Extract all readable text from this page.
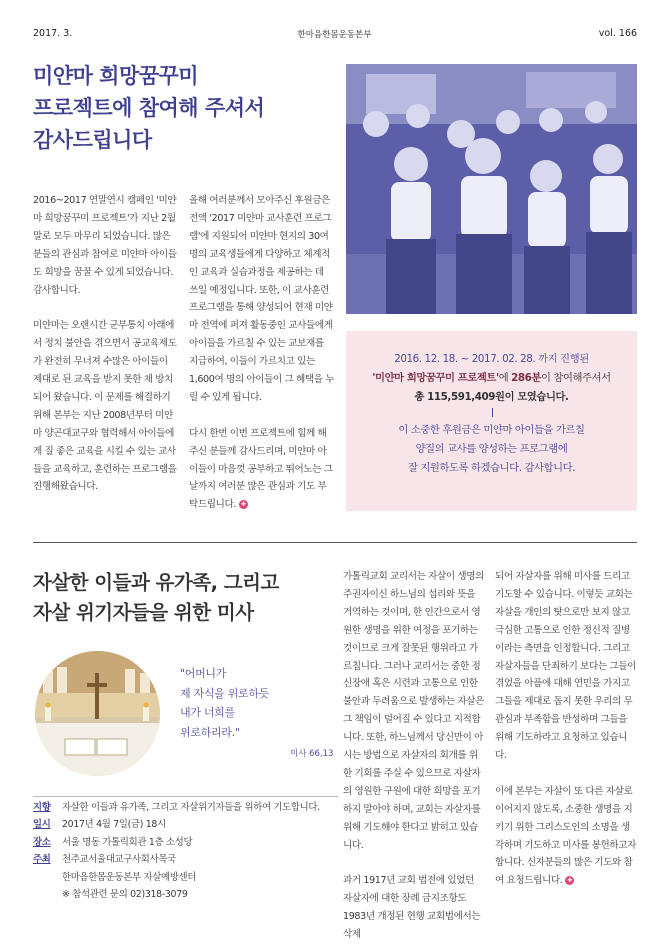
2017. 3.	한마음한몸운동본부	vol. 166
미얀마 희망꿈꾸미
프로젝트에 참여해 주셔서
감사드립니다

2016~2017 연말연시 캠페인 '미얀마 희망꿈꾸미 프로젝트'가 지난 2월 말로 모두 마무리 되었습니다. 많은 분들의 관심과 참여로 미얀마 아이들도 희망을 꿈꿀 수 있게 되었습니다. 감사합니다.

미얀마는 오랜시간 군부통치 아래에서 정치 불안을 겪으면서 공교육제도가 완전히 무너져 수많은 아이들이 제대로 된 교육을 받지 못한 채 방치되어 왔습니다. 이 문제를 해결하기 위해 본부는 지난 2008년부터 미얀마 양곤대교구와 협력해서 아이들에게 질 좋은 교육을 시킬 수 있는 교사들을 교육하고, 훈련하는 프로그램을 진행해왔습니다.

올해 여러분께서 모아주신 후원금은 전액 '2017 미얀마 교사훈련 프로그램'에 지원되어 미얀마 현지의 30여 명의 교육생들에게 다양하고 체계적인 교육과 실습과정을 제공하는 데 쓰일 예정입니다. 또한, 이 교사훈련 프로그램을 통해 양성되어 현재 미얀마 전역에 퍼져 활동중인 교사들에게 아이들을 가르칠 수 있는 교보재를 지급하여, 이들이 가르치고 있는 1,600여 명의 아이들이 그 혜택을 누릴 수 있게 됩니다.

다시 한번 이번 프로젝트에 힘께 해 주신 분들께 감사드리며, 미얀마 아이들이 마음껏 공부하고 뛰어노는 그 날까지 여러분 많은 관심과 기도 부탁드립니다. ✚

2016. 12. 18. ~ 2017. 02. 28. 까지 진행된
'미얀마 희망꿈꾸미 프로젝트'에 286분이 참여해주셔서
총 115,591,409원이 모였습니다.
이 소중한 후원금은 미얀마 아이들을 가르칠
양질의 교사를 양성하는 프로그램에
잘 지원하도록 하겠습니다. 감사합니다.
자살한 이들과 유가족, 그리고
자살 위기자들을 위한 미사
"어머니가
제 자식을 위로하듯
내가 너희를
위로하리라."
이사 66,13
지향	자살한 이들과 유가족, 그리고 자살위기자들을 위하여 기도합니다.
일시	2017년 4월 7일(금) 18시
장소	서울 명동 가톨릭회관 1층 소성당
주최	천주교서울대교구사회사목국
한마음한몸운동본부 자살예방센터
※ 참석관련 문의 02)318-3079

가톨릭교회 교리서는 자살이 생명의 주권자이신 하느님의 섭리와 뜻을 거역하는 것이며, 한 인간으로서 영원한 생명을 위한 여정을 포기하는 것이므로 크게 잘못된 행위라고 가르칩니다. 그러나 교리서는 중한 정신장애 혹은 시련과 고통으로 인한 불안과 두려움으로 발생하는 자살은 그 책임이 덜어질 수 있다고 지적합니다. 또한, 하느님께서 당신만이 아시는 방법으로 자살자의 회개를 위한 기회를 주실 수 있으므로 자살자의 영원한 구원에 대한 희망을 포기하지 말아야 하며, 교회는 자살자를 위해 기도해야 한다고 밝히고 있습니다.

과거 1917년 교회 법전에 있었던 자살자에 대한 장례 금지조항도 1983년 개정된 현행 교회법에서는 삭제

되어 자살자를 위해 미사를 드리고 기도할 수 있습니다. 이렇듯 교회는 자살을 개인의 탓으로만 보지 않고 극심한 고통으로 인한 정신적 질병이라는 측면을 인정합니다. 그리고 자살자들을 단죄하기 보다는 그들이 겪었을 아픔에 대해 연민을 가지고 그들을 제대로 돕지 못한 우리의 무관심과 부족함을 반성하며 그들을 위해 기도하라고 요청하고 있습니다.

이에 본부는 자살이 또 다른 자살로 이어지지 않도록, 소중한 생명을 지키기 위한 그리스도인의 소명을 생각하며 기도하고 미사를 봉헌하고자 합니다. 신자분들의 많은 기도와 참여 요청드립니다. ✚
